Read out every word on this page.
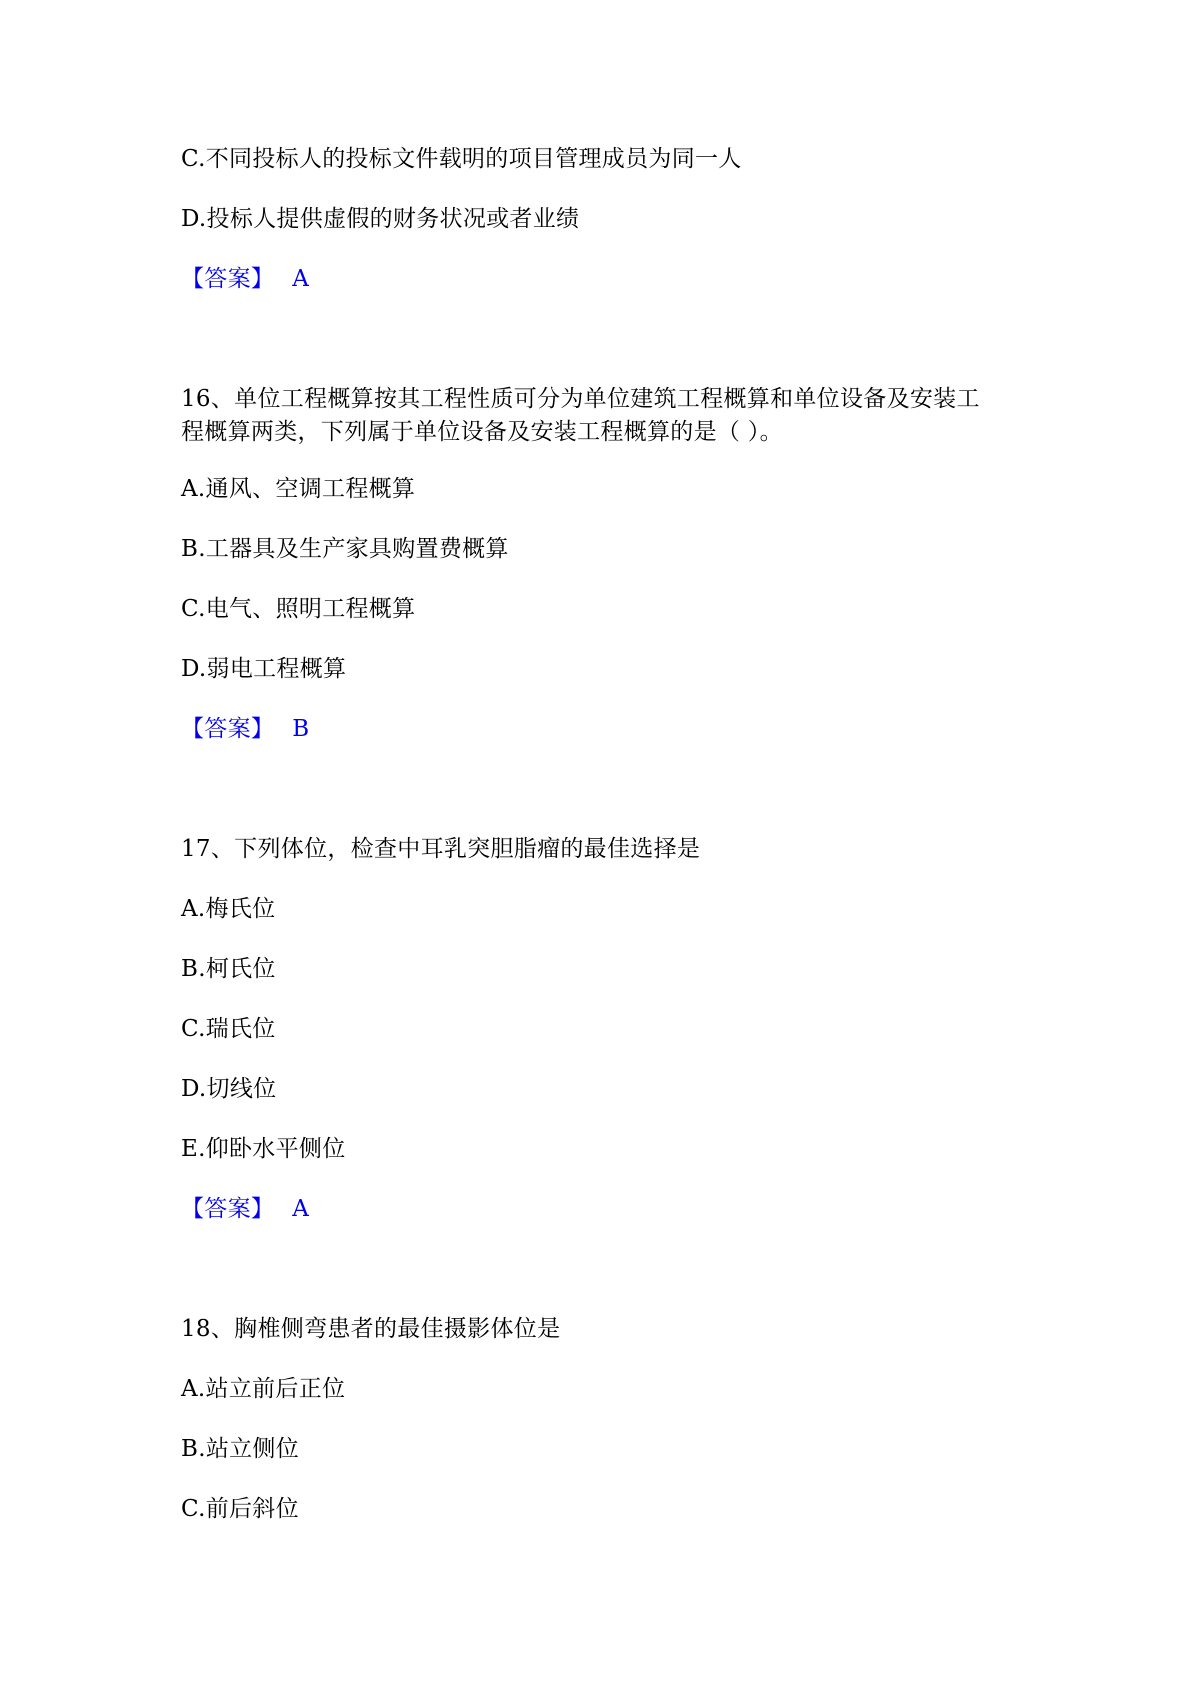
C.不同投标人的投标文件载明的项目管理成员为同一人
D.投标人提供虚假的财务状况或者业绩
【答案】 A
16、单位工程概算按其工程性质可分为单位建筑工程概算和单位设备及安装工
程概算两类，下列属于单位设备及安装工程概算的是（ ）。
A.通风、空调工程概算
B.工器具及生产家具购置费概算
C.电气、照明工程概算
D.弱电工程概算
【答案】 B
17、下列体位，检查中耳乳突胆脂瘤的最佳选择是
A.梅氏位
B.柯氏位
C.瑞氏位
D.切线位
E.仰卧水平侧位
【答案】 A
18、胸椎侧弯患者的最佳摄影体位是
A.站立前后正位
B.站立侧位
C.前后斜位
